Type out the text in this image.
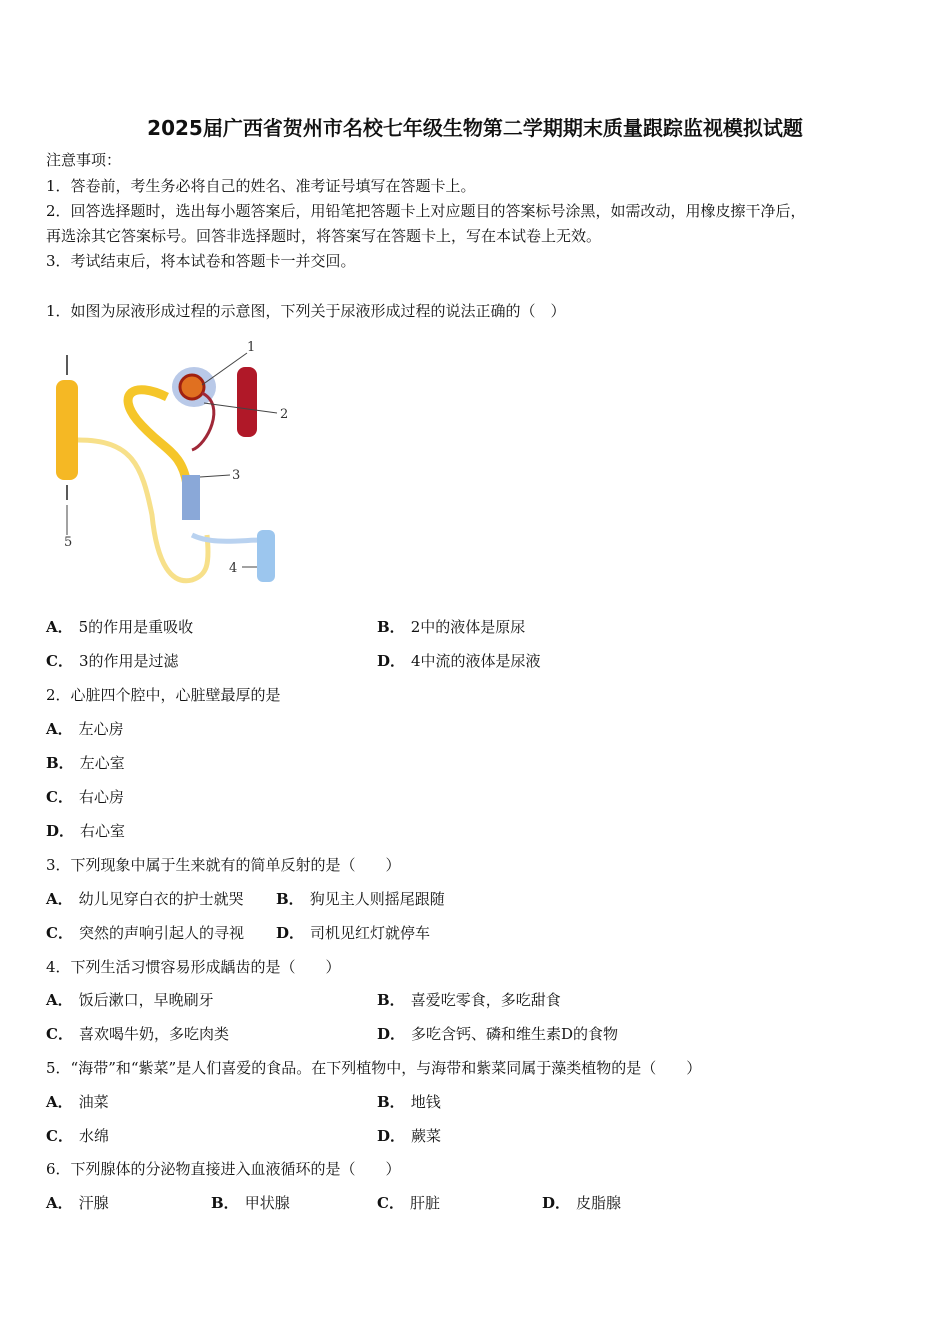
2025届广西省贺州市名校七年级生物第二学期期末质量跟踪监视模拟试题
注意事项：
1．答卷前，考生务必将自己的姓名、准考证号填写在答题卡上。
2．回答选择题时，选出每小题答案后，用铅笔把答题卡上对应题目的答案标号涂黑，如需改动，用橡皮擦干净后，
再选涂其它答案标号。回答非选择题时，将答案写在答题卡上，写在本试卷上无效。
3．考试结束后，将本试卷和答题卡一并交回。
1．如图为尿液形成过程的示意图，下列关于尿液形成过程的说法正确的（　）
1
2
3
4
5
A． 5的作用是重吸收	B． 2中的液体是原尿
C． 3的作用是过滤	D． 4中流的液体是尿液
2．心脏四个腔中，心脏壁最厚的是
A． 左心房
B． 左心室
C． 右心房
D． 右心室
3．下列现象中属于生来就有的简单反射的是（　　）
A． 幼儿见穿白衣的护士就哭 B． 狗见主人则摇尾跟随
C． 突然的声响引起人的寻视 D． 司机见红灯就停车
4．下列生活习惯容易形成龋齿的是（　　）
A． 饭后漱口，早晚刷牙	B． 喜爱吃零食，多吃甜食
C． 喜欢喝牛奶，多吃肉类	D． 多吃含钙、磷和维生素D的食物
5．“海带”和“紫菜”是人们喜爱的食品。在下列植物中，与海带和紫菜同属于藻类植物的是（　　）
A． 油菜	B． 地钱
C． 水绵	D． 蕨菜
6．下列腺体的分泌物直接进入血液循环的是（　　）
A． 汗腺	B． 甲状腺	C． 肝脏	D． 皮脂腺
